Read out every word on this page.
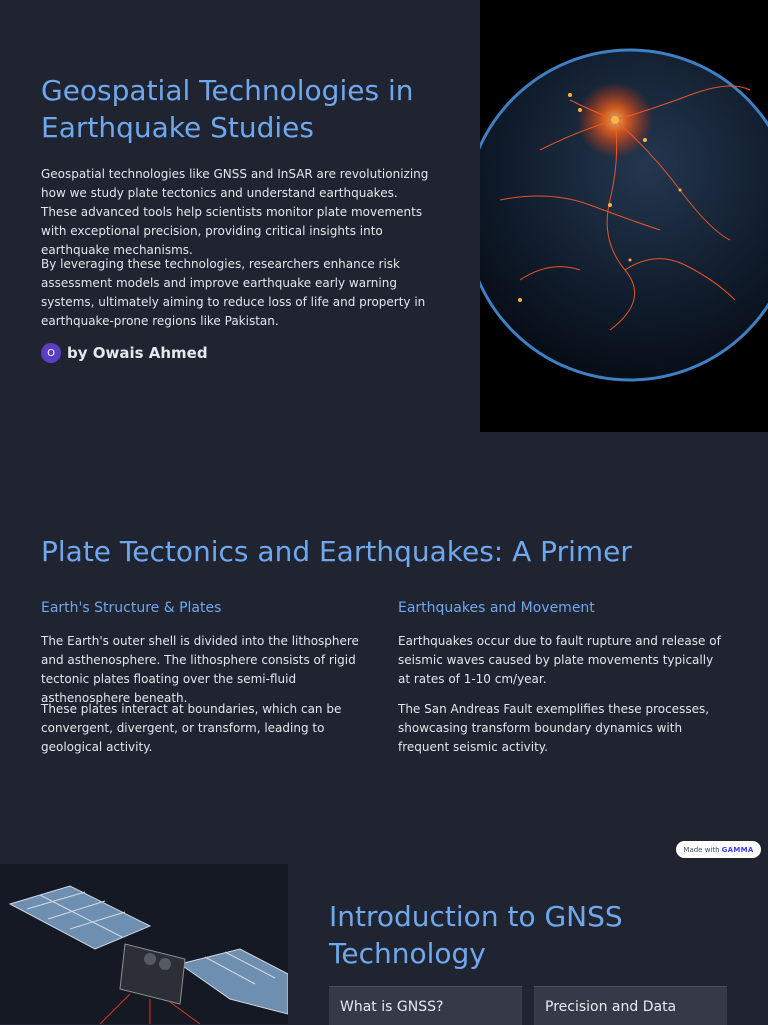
Geospatial Technologies in Earthquake Studies

Geospatial technologies like GNSS and InSAR are revolutionizing how we study plate tectonics and understand earthquakes. These advanced tools help scientists monitor plate movements with exceptional precision, providing critical insights into earthquake mechanisms.

By leveraging these technologies, researchers enhance risk assessment models and improve earthquake early warning systems, ultimately aiming to reduce loss of life and property in earthquake-prone regions like Pakistan.

O by Owais Ahmed
Plate Tectonics and Earthquakes: A Primer
Earth's Structure & Plates

The Earth's outer shell is divided into the lithosphere and asthenosphere. The lithosphere consists of rigid tectonic plates floating over the semi-fluid asthenosphere beneath.

These plates interact at boundaries, which can be convergent, divergent, or transform, leading to geological activity.

Earthquakes and Movement

Earthquakes occur due to fault rupture and release of seismic waves caused by plate movements typically at rates of 1-10 cm/year.

The San Andreas Fault exemplifies these processes, showcasing transform boundary dynamics with frequent seismic activity.

Made with GAMMA
Introduction to GNSS Technology
What is GNSS?	Precision and Data
